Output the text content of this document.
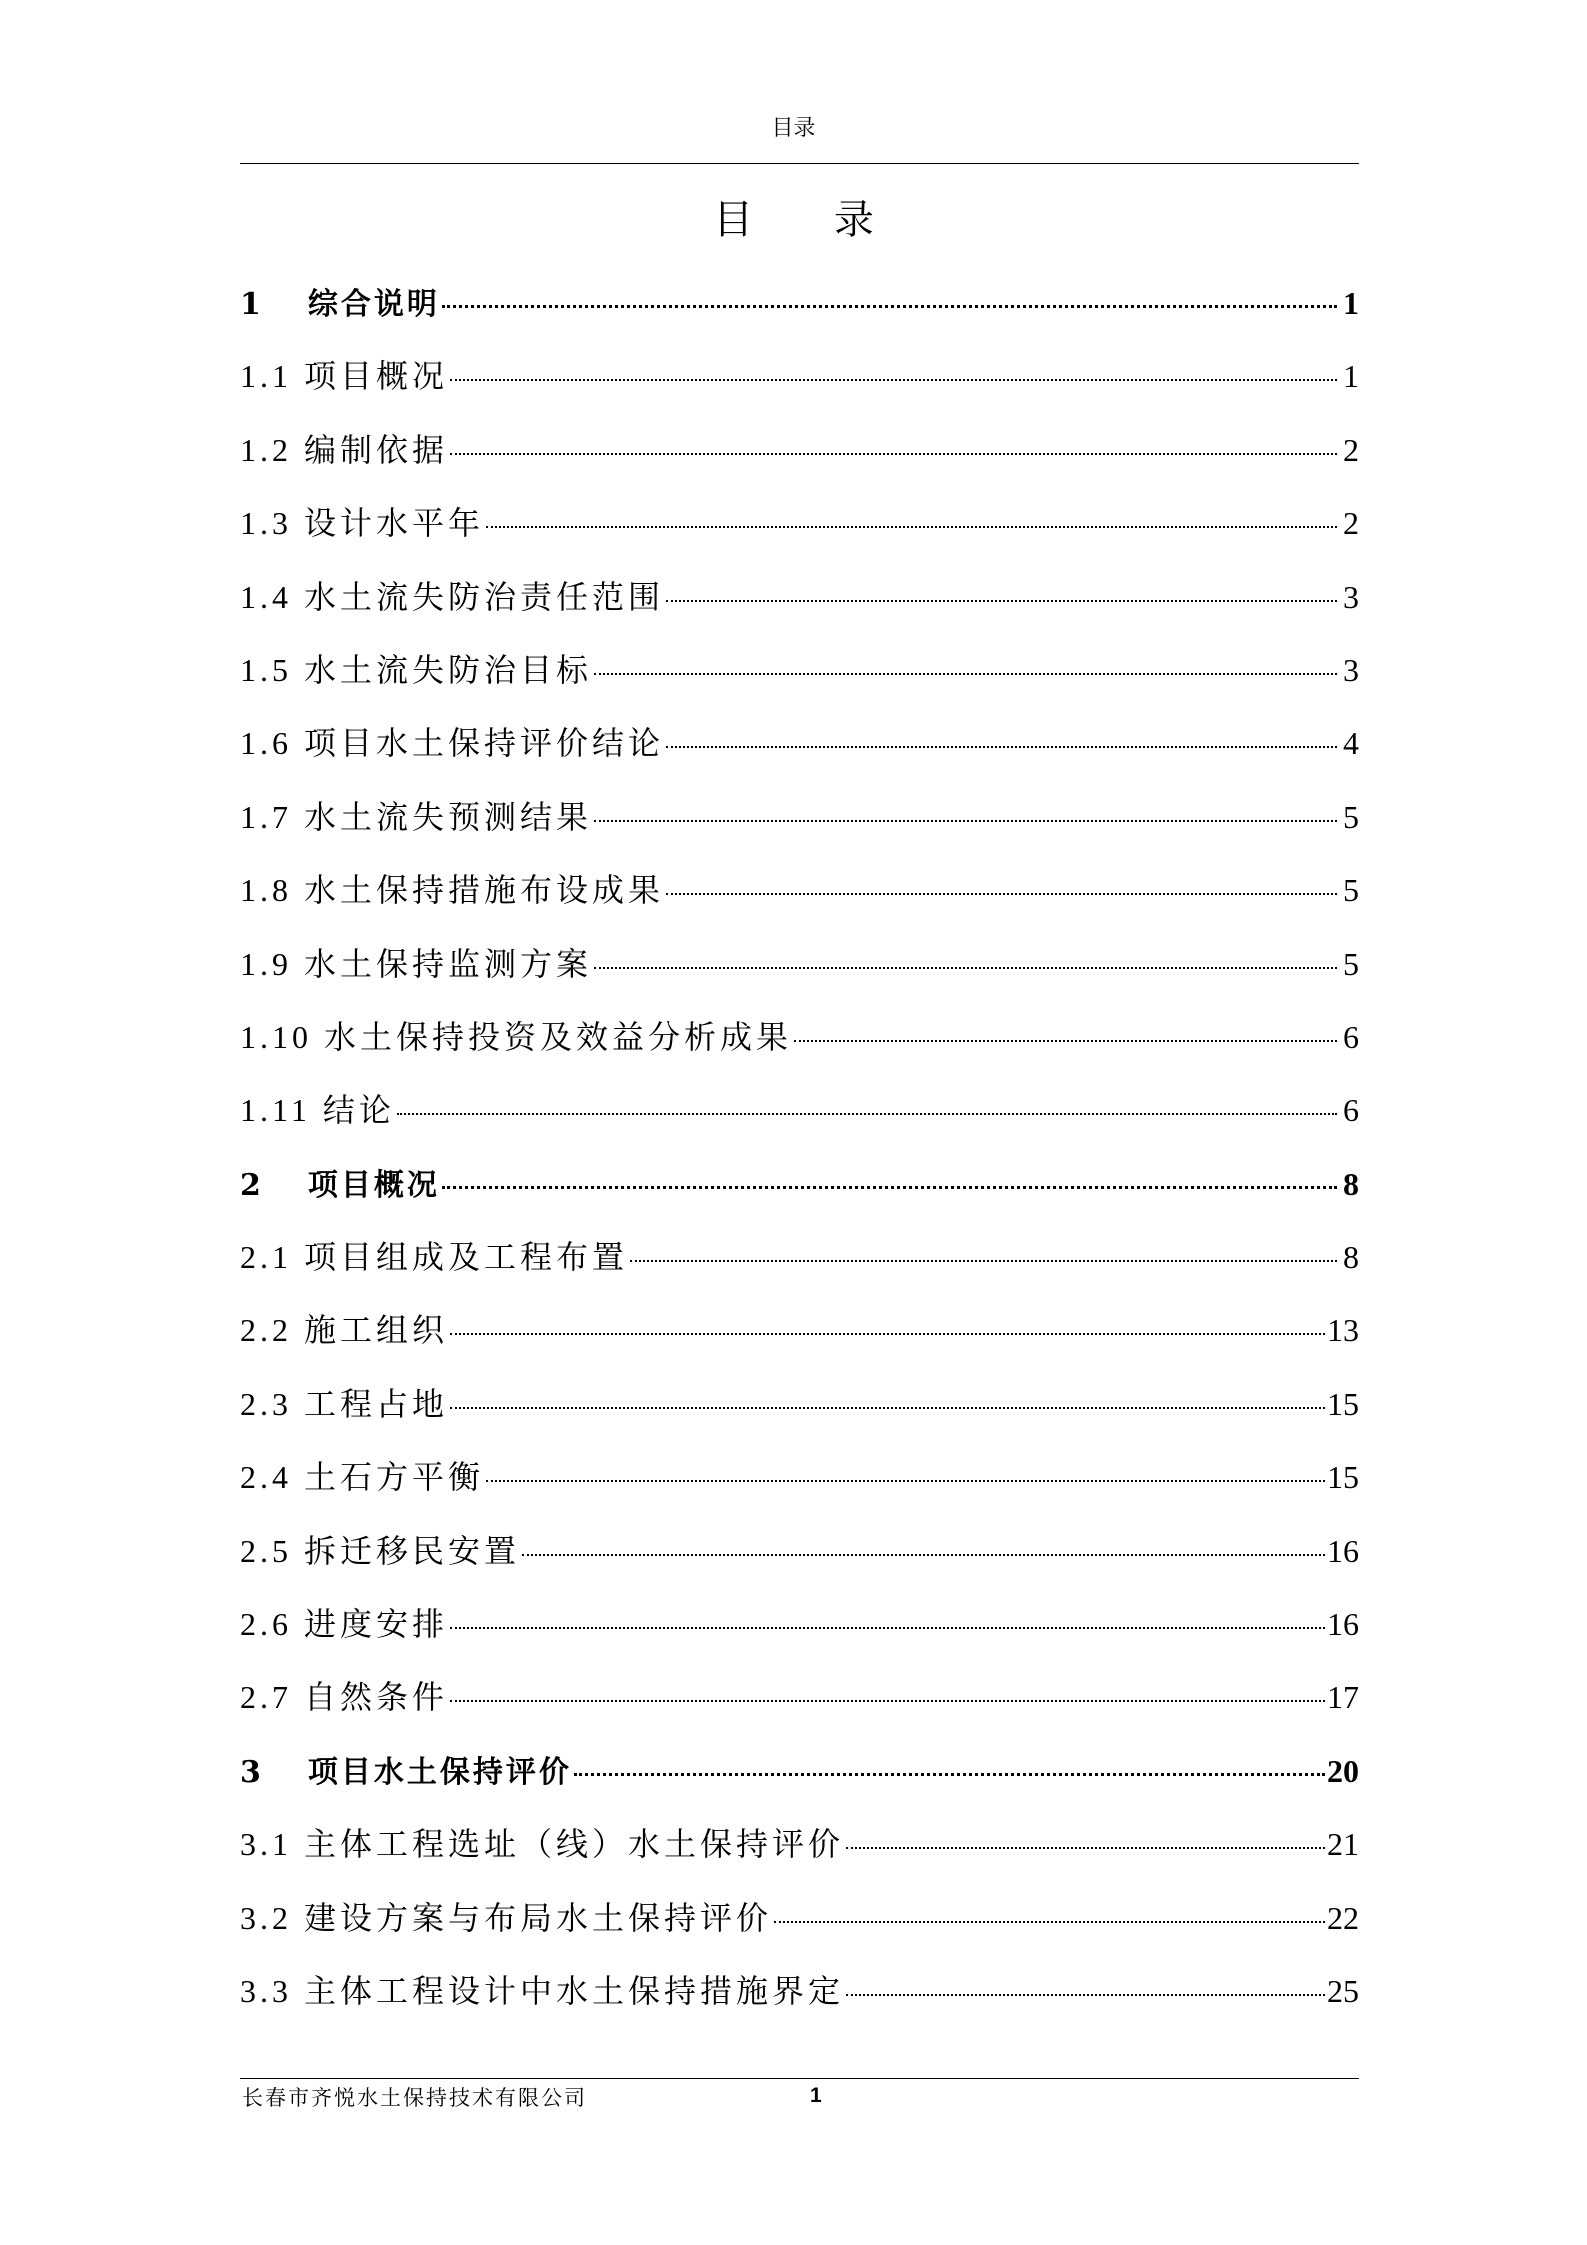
目录
目 录
1 综合说明	1
1.1 项目概况	1
1.2 编制依据	2
1.3 设计水平年	2
1.4 水土流失防治责任范围	3
1.5 水土流失防治目标	3
1.6 项目水土保持评价结论	4
1.7 水土流失预测结果	5
1.8 水土保持措施布设成果	5
1.9 水土保持监测方案	5
1.10 水土保持投资及效益分析成果	6
1.11 结论	6
2 项目概况	8
2.1 项目组成及工程布置	8
2.2 施工组织	13
2.3 工程占地	15
2.4 土石方平衡	15
2.5 拆迁移民安置	16
2.6 进度安排	16
2.7 自然条件	17
3 项目水土保持评价	20
3.1 主体工程选址（线）水土保持评价	21
3.2 建设方案与布局水土保持评价	22
3.3 主体工程设计中水土保持措施界定	25
长春市齐悦水土保持技术有限公司	1
